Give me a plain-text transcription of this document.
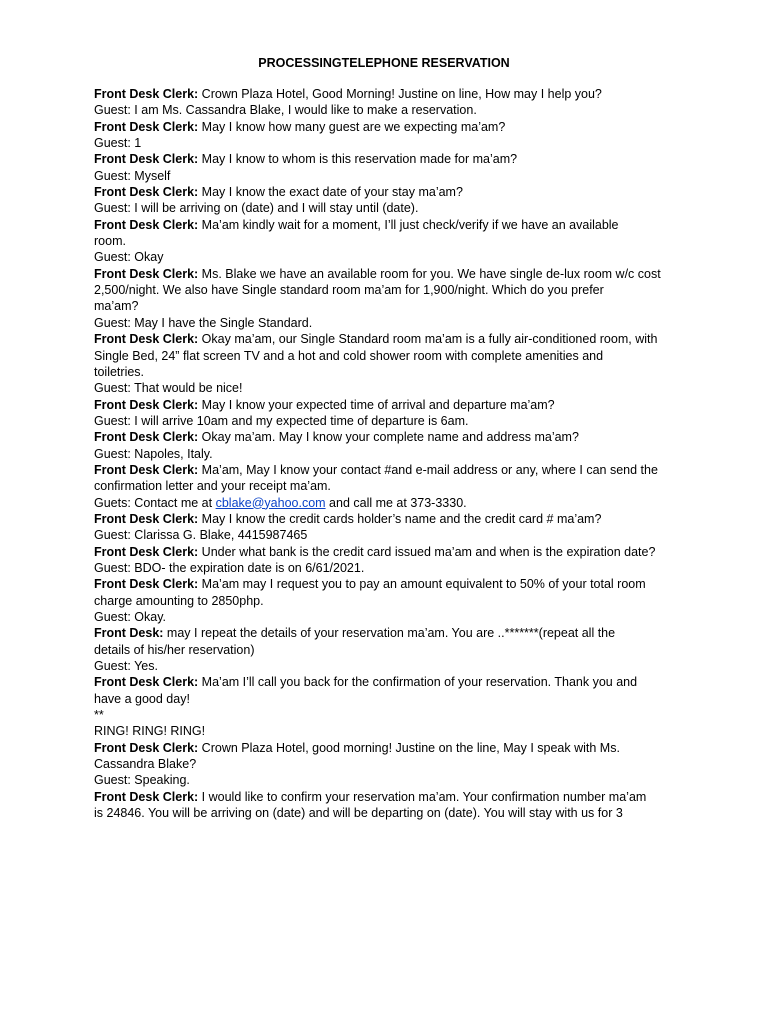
PROCESSINGTELEPHONE RESERVATION
Front Desk Clerk: Crown Plaza Hotel, Good Morning! Justine on line, How may I help you?
Guest: I am Ms. Cassandra Blake, I would like to make a reservation.
Front Desk Clerk: May I know how many guest are we expecting ma’am?
Guest: 1
Front Desk Clerk: May I know to whom is this reservation made for ma’am?
Guest: Myself
Front Desk Clerk: May I know the exact date of your stay ma’am?
Guest: I will be arriving on (date) and I will stay until (date).
Front Desk Clerk: Ma’am kindly wait for a moment, I’ll just check/verify if we have an available
room.
Guest: Okay
Front Desk Clerk: Ms. Blake we have an available room for you. We have single de-lux room w/c cost
2,500/night. We also have Single standard room ma’am for 1,900/night. Which do you prefer
ma’am?
Guest: May I have the Single Standard.
Front Desk Clerk: Okay ma’am, our Single Standard room ma’am is a fully air-conditioned room, with
Single Bed, 24” flat screen TV and a hot and cold shower room with complete amenities and
toiletries.
Guest: That would be nice!
Front Desk Clerk: May I know your expected time of arrival and departure ma’am?
Guest: I will arrive 10am and my expected time of departure is 6am.
Front Desk Clerk: Okay ma’am. May I know your complete name and address ma’am?
Guest: Napoles, Italy.
Front Desk Clerk: Ma’am, May I know your contact #and e-mail address or any, where I can send the
confirmation letter and your receipt ma’am.
Guets: Contact me at cblake@yahoo.com and call me at 373-3330.
Front Desk Clerk: May I know the credit cards holder’s name and the credit card # ma’am?
Guest: Clarissa G. Blake, 4415987465
Front Desk Clerk: Under what bank is the credit card issued ma’am and when is the expiration date?
Guest: BDO- the expiration date is on 6/61/2021.
Front Desk Clerk: Ma’am may I request you to pay an amount equivalent to 50% of your total room
charge amounting to 2850php.
Guest: Okay.
Front Desk: may I repeat the details of your reservation ma’am. You are ..*******(repeat all the
details of his/her reservation)
Guest: Yes.
Front Desk Clerk: Ma’am I’ll call you back for the confirmation of your reservation. Thank you and
have a good day!
**
RING! RING! RING!
Front Desk Clerk: Crown Plaza Hotel, good morning! Justine on the line, May I speak with Ms.
Cassandra Blake?
Guest: Speaking.
Front Desk Clerk: I would like to confirm your reservation ma’am. Your confirmation number ma’am
is 24846. You will be arriving on (date) and will be departing on (date). You will stay with us for 3
